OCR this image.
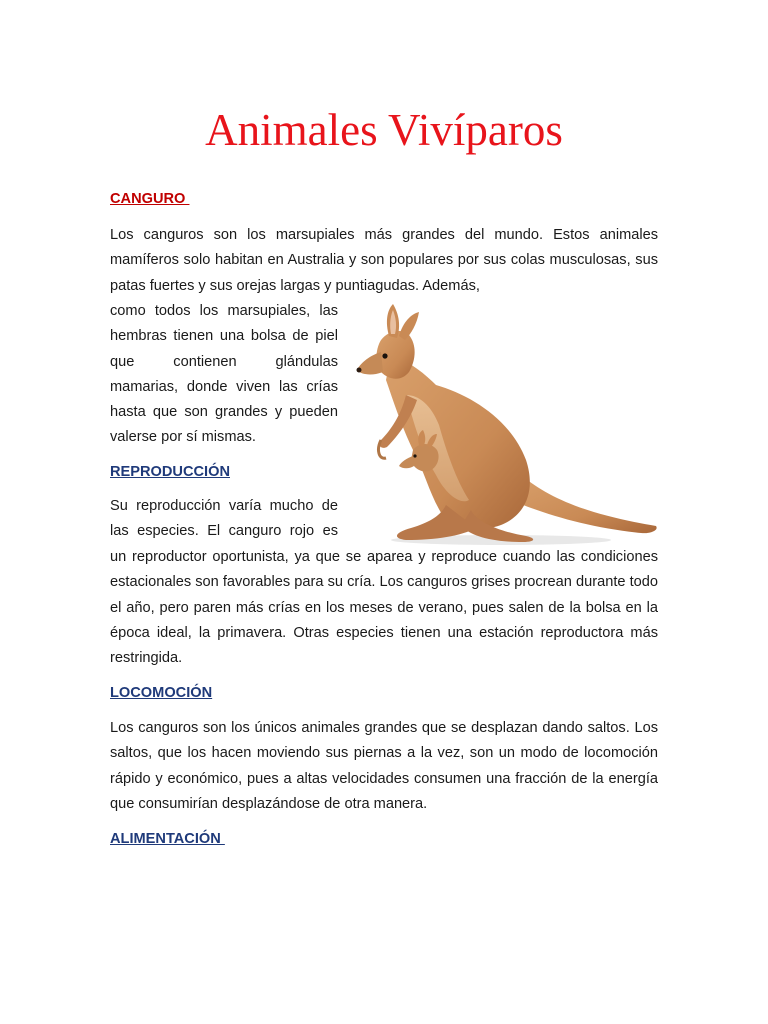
Animales Vivíparos
CANGURO

Los canguros son los marsupiales más grandes del mundo. Estos animales mamíferos solo habitan en Australia y son populares por sus colas musculosas, sus patas fuertes y sus orejas largas y puntiagudas. Además,

como todos los marsupiales, las hembras tienen una bolsa de piel que contienen glándulas mamarias, donde viven las crías hasta que son grandes y pueden valerse por sí mismas.

REPRODUCCIÓN

Su reproducción varía mucho de las especies. El canguro rojo es

un reproductor oportunista, ya que se aparea y reproduce cuando las condiciones estacionales son favorables para su cría. Los canguros grises procrean durante todo el año, pero paren más crías en los meses de verano, pues salen de la bolsa en la época ideal, la primavera. Otras especies tienen una estación reproductora más restringida.

LOCOMOCIÓN

Los canguros son los únicos animales grandes que se desplazan dando saltos. Los saltos, que los hacen moviendo sus piernas a la vez, son un modo de locomoción rápido y económico, pues a altas velocidades consumen una fracción de la energía que consumirían desplazándose de otra manera.

ALIMENTACIÓN
